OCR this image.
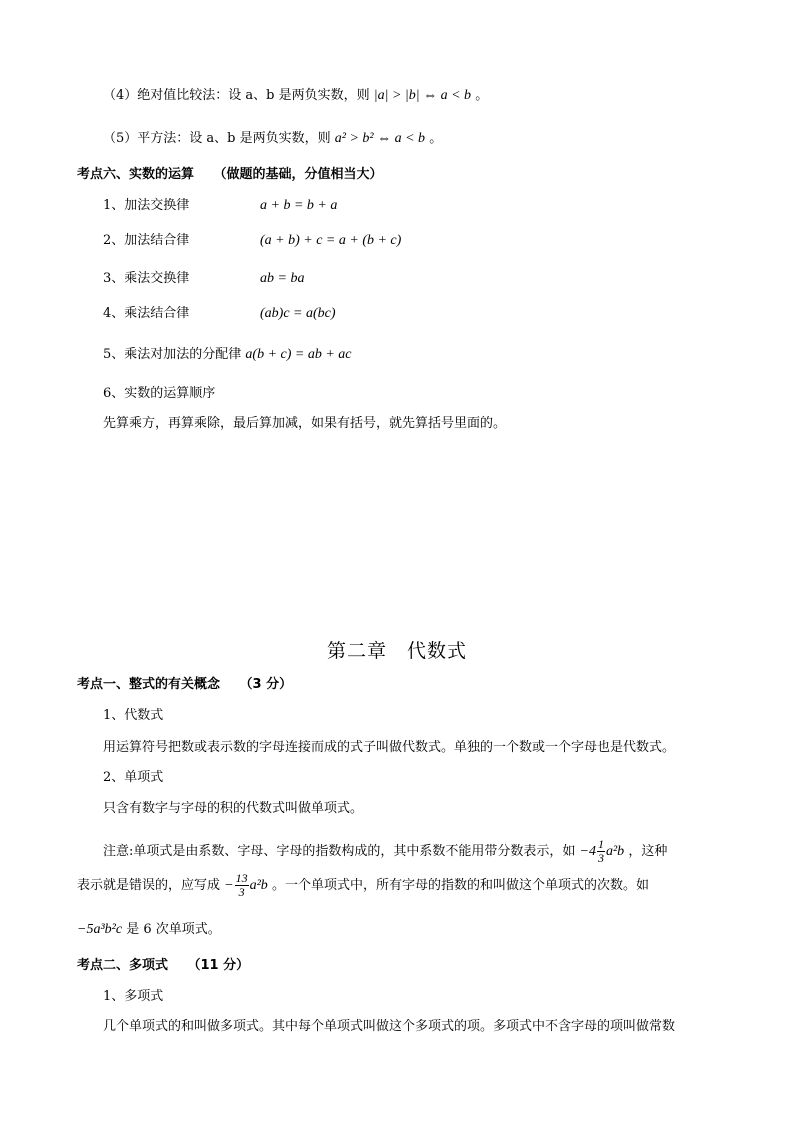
（4）绝对值比较法：设 a、b 是两负实数，则 |a| > |b| ⇔ a < b 。
（5）平方法：设 a、b 是两负实数，则 a² > b² ⇔ a < b 。
考点六、实数的运算　　（做题的基础，分值相当大）
1、加法交换律	a + b = b + a
2、加法结合律	(a + b) + c = a + (b + c)
3、乘法交换律	ab = ba
4、乘法结合律	(ab)c = a(bc)
5、乘法对加法的分配律 a(b + c) = ab + ac
6、实数的运算顺序
先算乘方，再算乘除，最后算加减，如果有括号，就先算括号里面的。
第二章　代数式
考点一、整式的有关概念　　（3 分）
1、代数式
用运算符号把数或表示数的字母连接而成的式子叫做代数式。单独的一个数或一个字母也是代数式。
2、单项式
只含有数字与字母的积的代数式叫做单项式。
注意:单项式是由系数、字母、字母的指数构成的，其中系数不能用带分数表示，如 $-4 \frac{1}{3} a^2b$ ，这种
表示就是错误的，应写成 − $\frac{13}{3} a^2b$ 。一个单项式中，所有字母的指数的和叫做这个单项式的次数。如
−5a³b²c 是 6 次单项式。
考点二、多项式　　（11 分）
1、多项式
几个单项式的和叫做多项式。其中每个单项式叫做这个多项式的项。多项式中不含字母的项叫做常数
